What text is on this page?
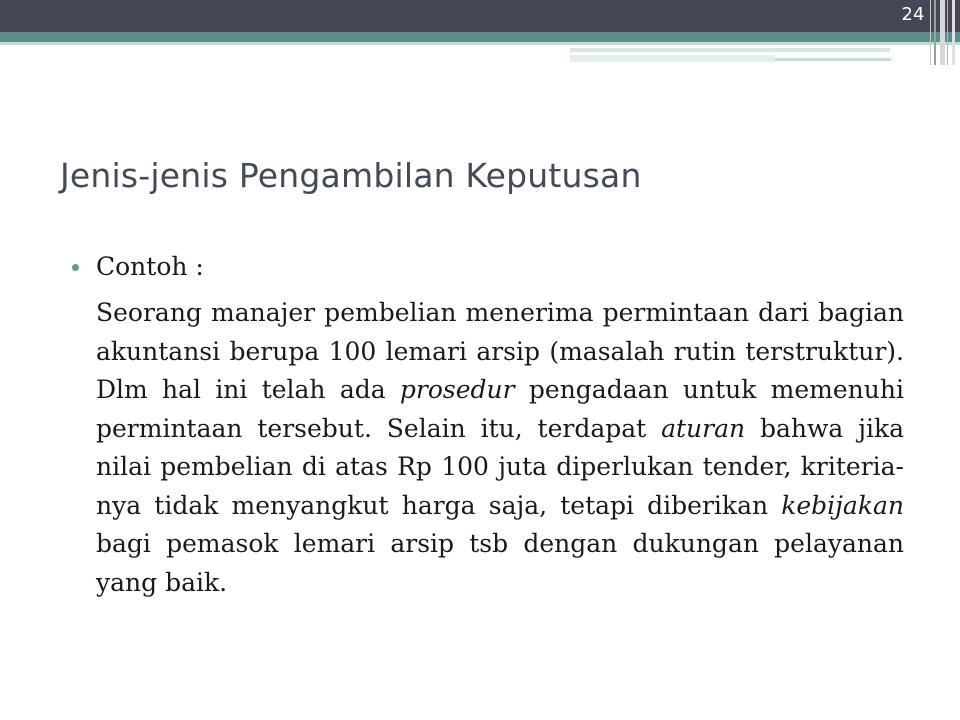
24
Jenis-jenis Pengambilan Keputusan
Contoh :

Seorang manajer pembelian menerima permintaan dari bagian akuntansi berupa 100 lemari arsip (masalah rutin terstruktur). Dlm hal ini telah ada prosedur pengadaan untuk memenuhi permintaan tersebut. Selain itu, terdapat aturan bahwa jika nilai pembelian di atas Rp 100 juta diperlukan tender, kriteria-nya tidak menyangkut harga saja, tetapi diberikan kebijakan bagi pemasok lemari arsip tsb dengan dukungan pelayanan yang baik.
